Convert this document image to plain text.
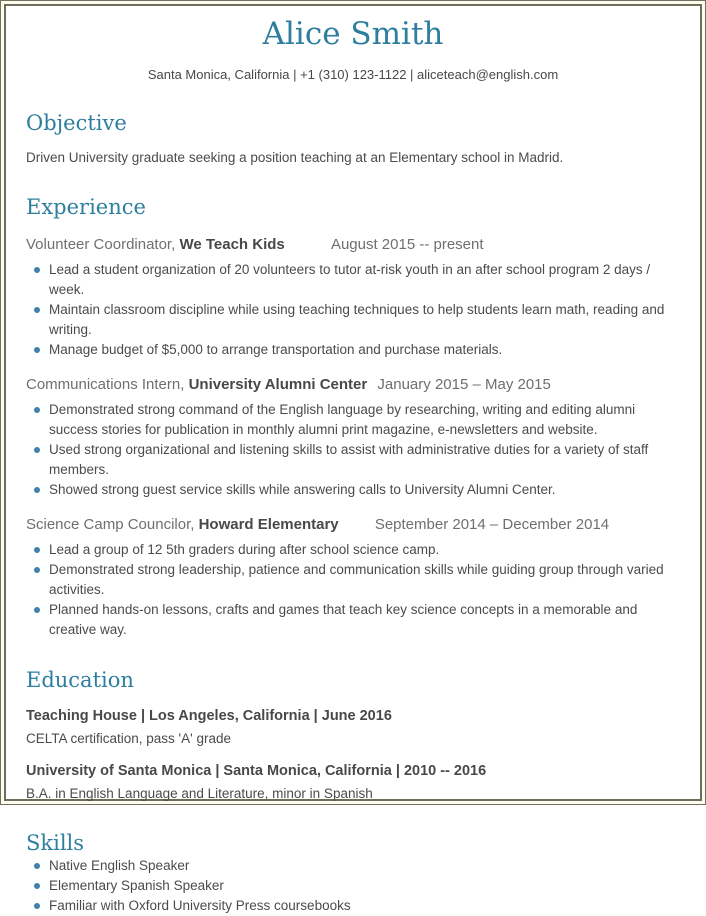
Alice Smith
Santa Monica, California | +1 (310) 123-1122 | aliceteach@english.com
Objective
Driven University graduate seeking a position teaching at an Elementary school in Madrid.
Experience
Volunteer Coordinator, We Teach Kids	August 2015 -- present
Lead a student organization of 20 volunteers to tutor at-risk youth in an after school program 2 days / week.
Maintain classroom discipline while using teaching techniques to help students learn math, reading and writing.
Manage budget of $5,000 to arrange transportation and purchase materials.
Communications Intern, University Alumni Center January 2015 – May 2015
Demonstrated strong command of the English language by researching, writing and editing alumni success stories for publication in monthly alumni print magazine, e-newsletters and website.
Used strong organizational and listening skills to assist with administrative duties for a variety of staff members.
Showed strong guest service skills while answering calls to University Alumni Center.
Science Camp Councilor, Howard Elementary September 2014 – December 2014
Lead a group of 12 5th graders during after school science camp.
Demonstrated strong leadership, patience and communication skills while guiding group through varied activities.
Planned hands-on lessons, crafts and games that teach key science concepts in a memorable and creative way.
Education
Teaching House | Los Angeles, California | June 2016
CELTA certification, pass 'A' grade
University of Santa Monica | Santa Monica, California | 2010 -- 2016
B.A. in English Language and Literature, minor in Spanish
Skills
Native English Speaker
Elementary Spanish Speaker
Familiar with Oxford University Press coursebooks
